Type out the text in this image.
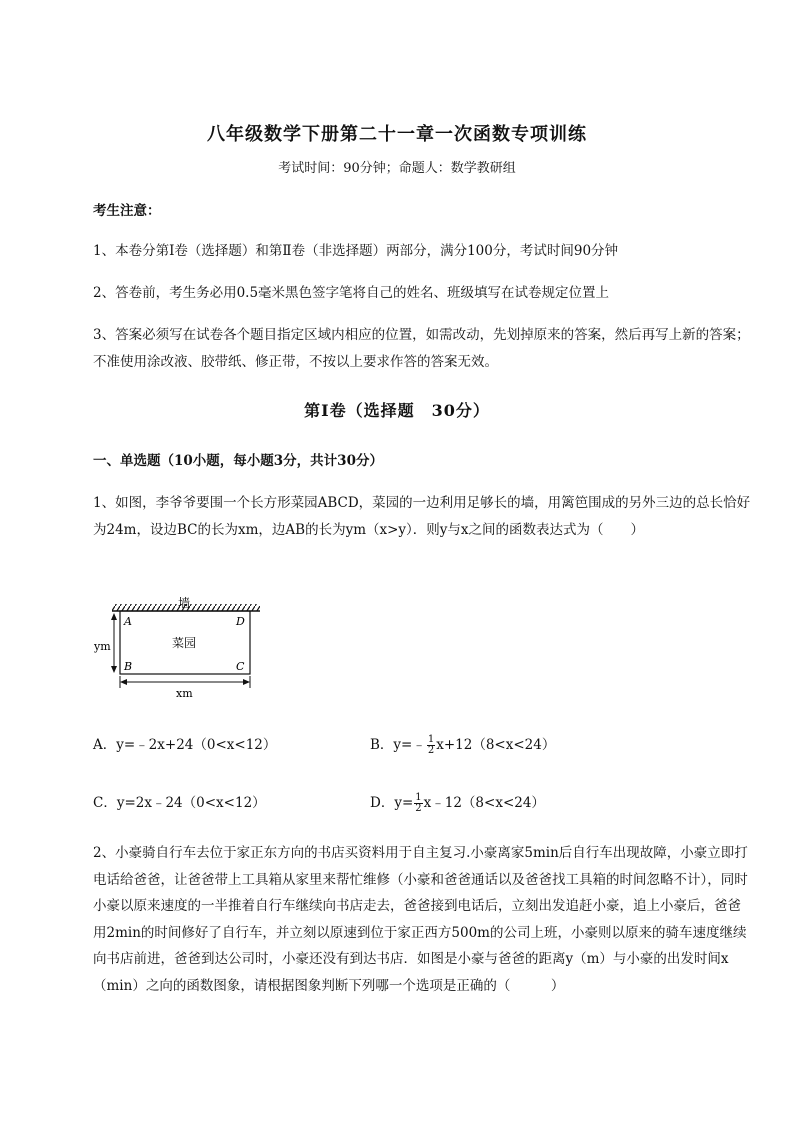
八年级数学下册第二十一章一次函数专项训练
考试时间：90分钟；命题人：数学教研组
考生注意：
1、本卷分第Ⅰ卷（选择题）和第Ⅱ卷（非选择题）两部分，满分100分，考试时间90分钟
2、答卷前，考生务必用0.5毫米黑色签字笔将自己的姓名、班级填写在试卷规定位置上
3、答案必须写在试卷各个题目指定区域内相应的位置，如需改动，先划掉原来的答案，然后再写上新的答案；不准使用涂改液、胶带纸、修正带，不按以上要求作答的答案无效。
第Ⅰ卷（选择题　30分）
一、单选题（10小题，每小题3分，共计30分）
1、如图，李爷爷要围一个长方形菜园ABCD，菜园的一边利用足够长的墙，用篱笆围成的另外三边的总长恰好为24m，设边BC的长为xm，边AB的长为ym（x>y）．则y与x之间的函数表达式为（　　）
墙
菜园
A	D
B	C
ym
xm
A．y=﹣2x+24（0<x<12）	B．y=﹣ $\frac{1}{2} x+12(8<x<24)$
C．y=2x﹣24（0<x<12）	D．$y= \frac{1}{2}$ x﹣12（8<x<24）
2、小豪骑自行车去位于家正东方向的书店买资料用于自主复习.小豪离家5min后自行车出现故障，小豪立即打电话给爸爸，让爸爸带上工具箱从家里来帮忙维修（小豪和爸爸通话以及爸爸找工具箱的时间忽略不计），同时小豪以原来速度的一半推着自行车继续向书店走去，爸爸接到电话后，立刻出发追赶小豪，追上小豪后，爸爸用2min的时间修好了自行车，并立刻以原速到位于家正西方500m的公司上班，小豪则以原来的骑车速度继续向书店前进，爸爸到达公司时，小豪还没有到达书店．如图是小豪与爸爸的距离y（m）与小豪的出发时间x（min）之向的函数图象，请根据图象判断下列哪一个选项是正确的（　　　）
